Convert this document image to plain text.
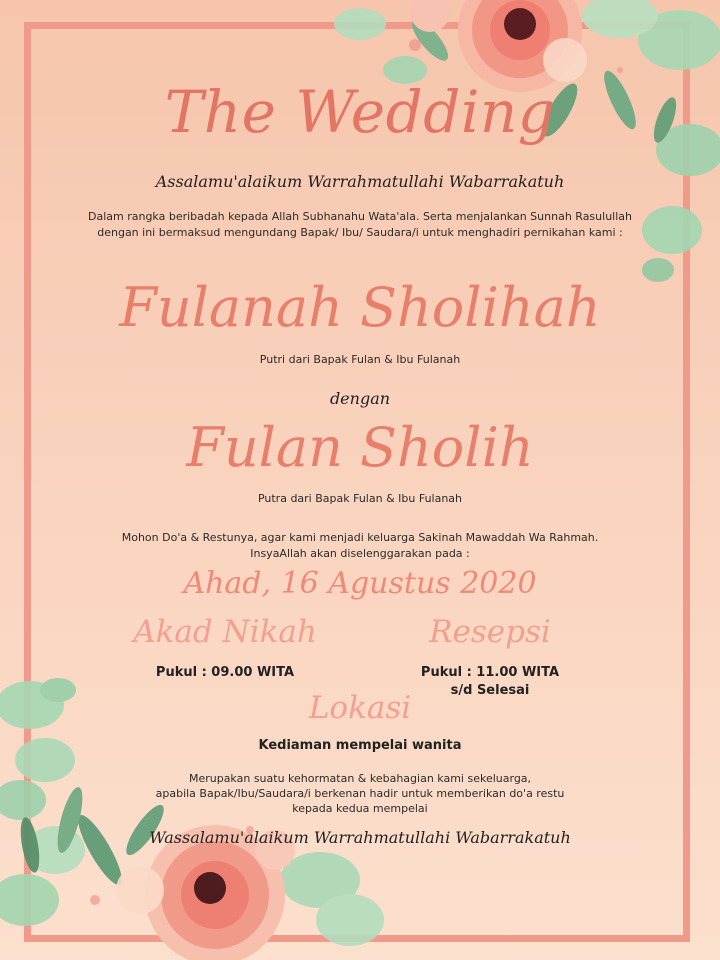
The Wedding
Assalamu'alaikum Warrahmatullahi Wabarrakatuh
Dalam rangka beribadah kepada Allah Subhanahu Wata'ala. Serta menjalankan Sunnah Rasulullah
dengan ini bermaksud mengundang Bapak/ Ibu/ Saudara/i untuk menghadiri pernikahan kami :
Fulanah Sholihah
Putri dari Bapak Fulan & Ibu Fulanah
dengan
Fulan Sholih
Putra dari Bapak Fulan & Ibu Fulanah
Mohon Do'a & Restunya, agar kami menjadi keluarga Sakinah Mawaddah Wa Rahmah.
InsyaAllah akan diselenggarakan pada :
Ahad, 16 Agustus 2020
Akad Nikah
Pukul : 09.00 WITA
Resepsi
Pukul : 11.00 WITA
s/d Selesai
Lokasi
Kediaman mempelai wanita
Merupakan suatu kehormatan & kebahagian kami sekeluarga,
apabila Bapak/Ibu/Saudara/i berkenan hadir untuk memberikan do'a restu
kepada kedua mempelai
Wassalamu'alaikum Warrahmatullahi Wabarrakatuh
